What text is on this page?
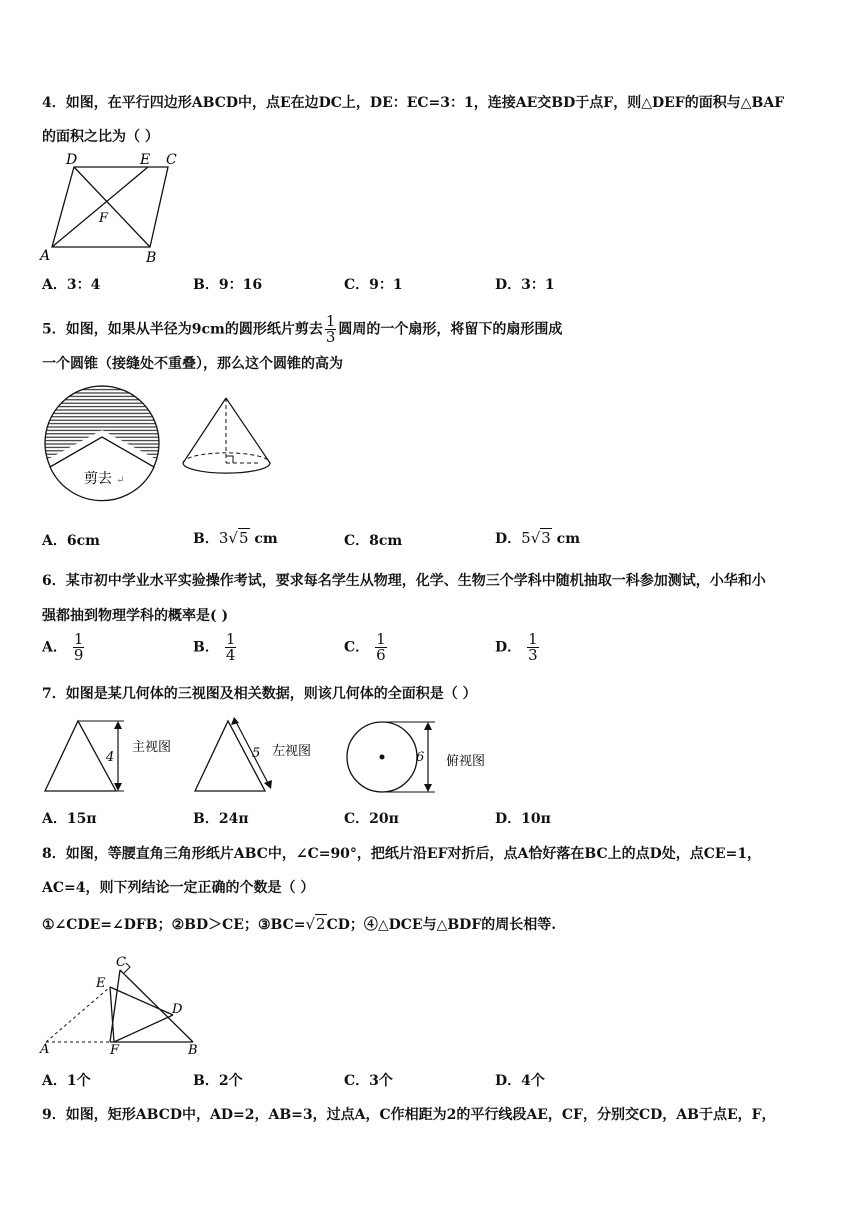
4．如图，在平行四边形ABCD中，点E在边DC上，DE：EC=3：1，连接AE交BD于点F，则△DEF的面积与△BAF
的面积之比为（ ）
D	E C
F
A	B
A．3：4	B．9：16	C．9：1	D．3：1
5．如图，如果从半径为9cm的圆形纸片剪去 $\frac{1}{3}$ 圆周的一个扇形，将留下的扇形围成
一个圆锥（接缝处不重叠），那么这个圆锥的高为
剪去 ↵
A．6cm	B．3√5 cm	C．8cm	D．5√3 cm
6．某市初中学业水平实验操作考试，要求每名学生从物理，化学、生物三个学科中随机抽取一科参加测试，小华和小
强都抽到物理学科的概率是( )
A． $\frac{1}{9}$	B． $\frac{1}{4}$	C． $\frac{1}{6}$	D． $\frac{1}{3}$
7．如图是某几何体的三视图及相关数据，则该几何体的全面积是（ ）
4
主视图	5 左视图	6 俯视图
A．15π	B．24π	C．20π	D．10π
8．如图，等腰直角三角形纸片ABC中，∠C=90°，把纸片沿EF对折后，点A恰好落在BC上的点D处，点CE=1，
AC=4，则下列结论一定正确的个数是（ ）
①∠CDE=∠DFB；②BD＞CE；③BC=√2CD；④△DCE与△BDF的周长相等.
C
E
D
A	F	B
A．1个	B．2个	C．3个	D．4个
9．如图，矩形ABCD中，AD=2，AB=3，过点A，C作相距为2的平行线段AE，CF，分别交CD，AB于点E，F，
